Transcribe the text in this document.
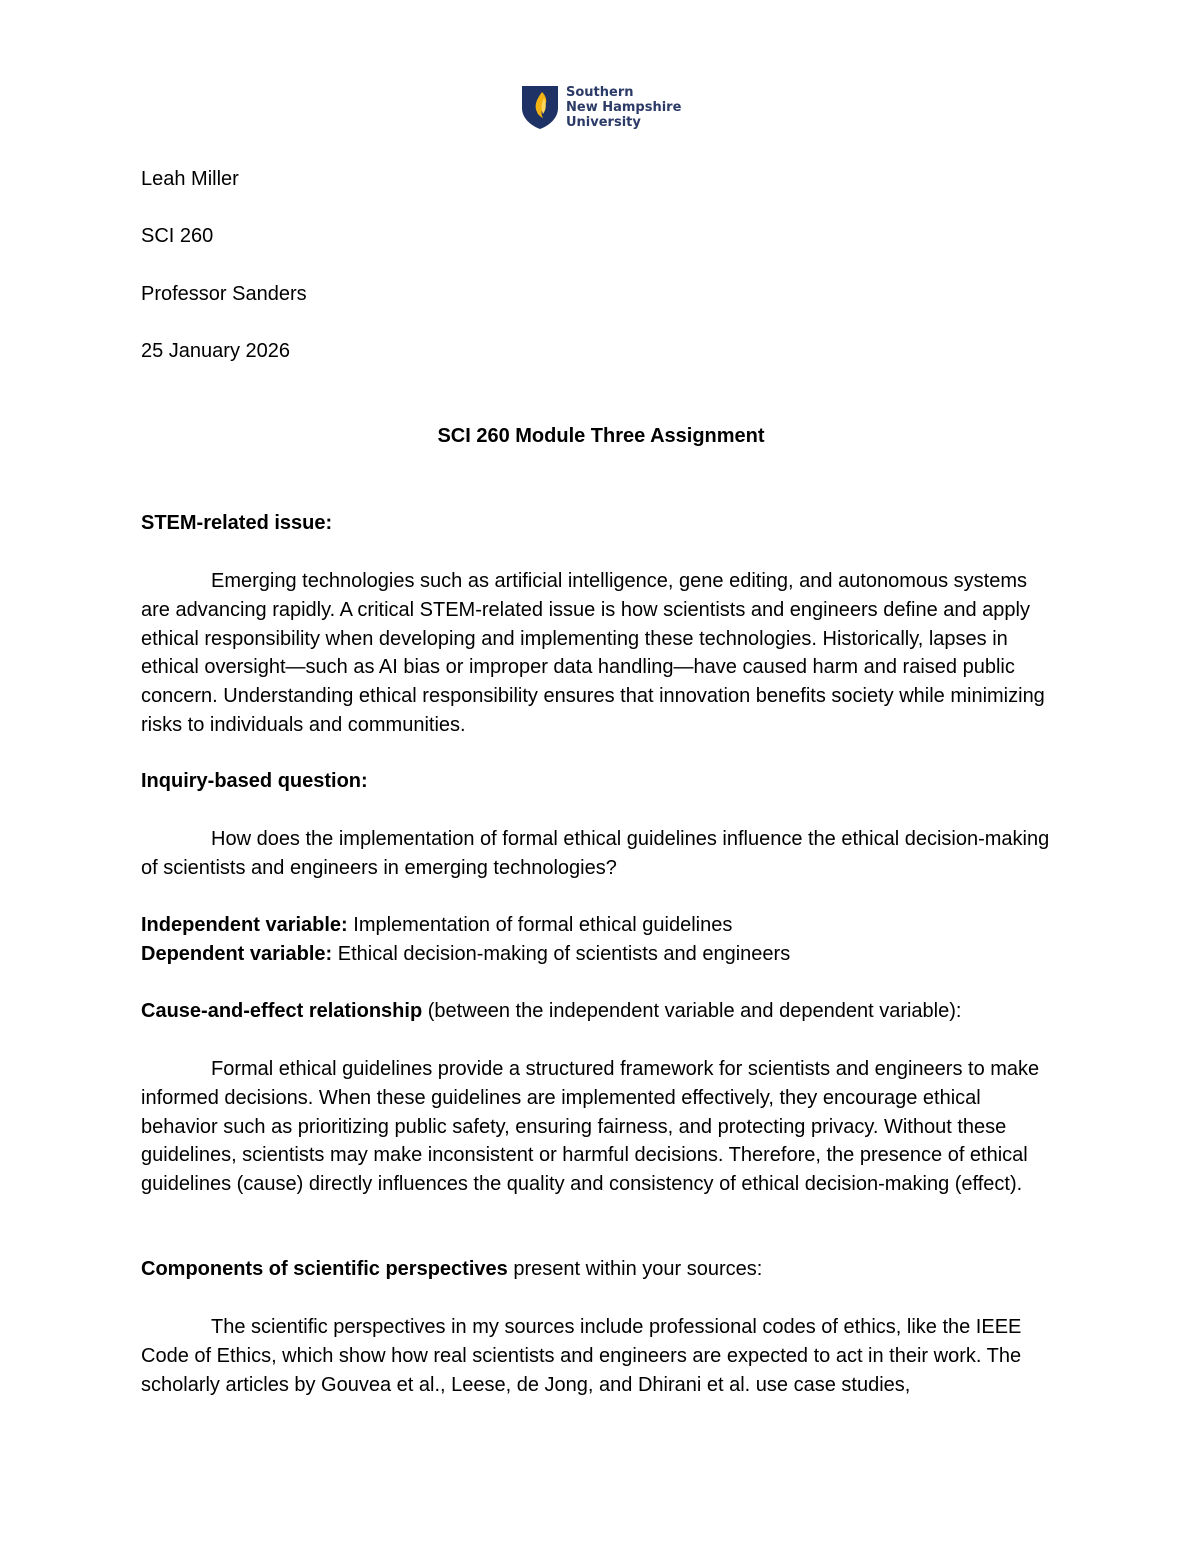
Southern
New Hampshire
University
Leah Miller
SCI 260
Professor Sanders
25 January 2026
SCI 260 Module Three Assignment
STEM-related issue:
Emerging technologies such as artificial intelligence, gene editing, and autonomous systems are advancing rapidly. A critical STEM-related issue is how scientists and engineers define and apply ethical responsibility when developing and implementing these technologies. Historically, lapses in ethical oversight—such as AI bias or improper data handling—have caused harm and raised public concern. Understanding ethical responsibility ensures that innovation benefits society while minimizing risks to individuals and communities.
Inquiry-based question:
How does the implementation of formal ethical guidelines influence the ethical decision-making of scientists and engineers in emerging technologies?
Independent variable: Implementation of formal ethical guidelines
Dependent variable: Ethical decision-making of scientists and engineers
Cause-and-effect relationship (between the independent variable and dependent variable):
Formal ethical guidelines provide a structured framework for scientists and engineers to make informed decisions. When these guidelines are implemented effectively, they encourage ethical behavior such as prioritizing public safety, ensuring fairness, and protecting privacy. Without these guidelines, scientists may make inconsistent or harmful decisions. Therefore, the presence of ethical guidelines (cause) directly influences the quality and consistency of ethical decision-making (effect).
Components of scientific perspectives present within your sources:
The scientific perspectives in my sources include professional codes of ethics, like the IEEE Code of Ethics, which show how real scientists and engineers are expected to act in their work. The scholarly articles by Gouvea et al., Leese, de Jong, and Dhirani et al. use case studies,
